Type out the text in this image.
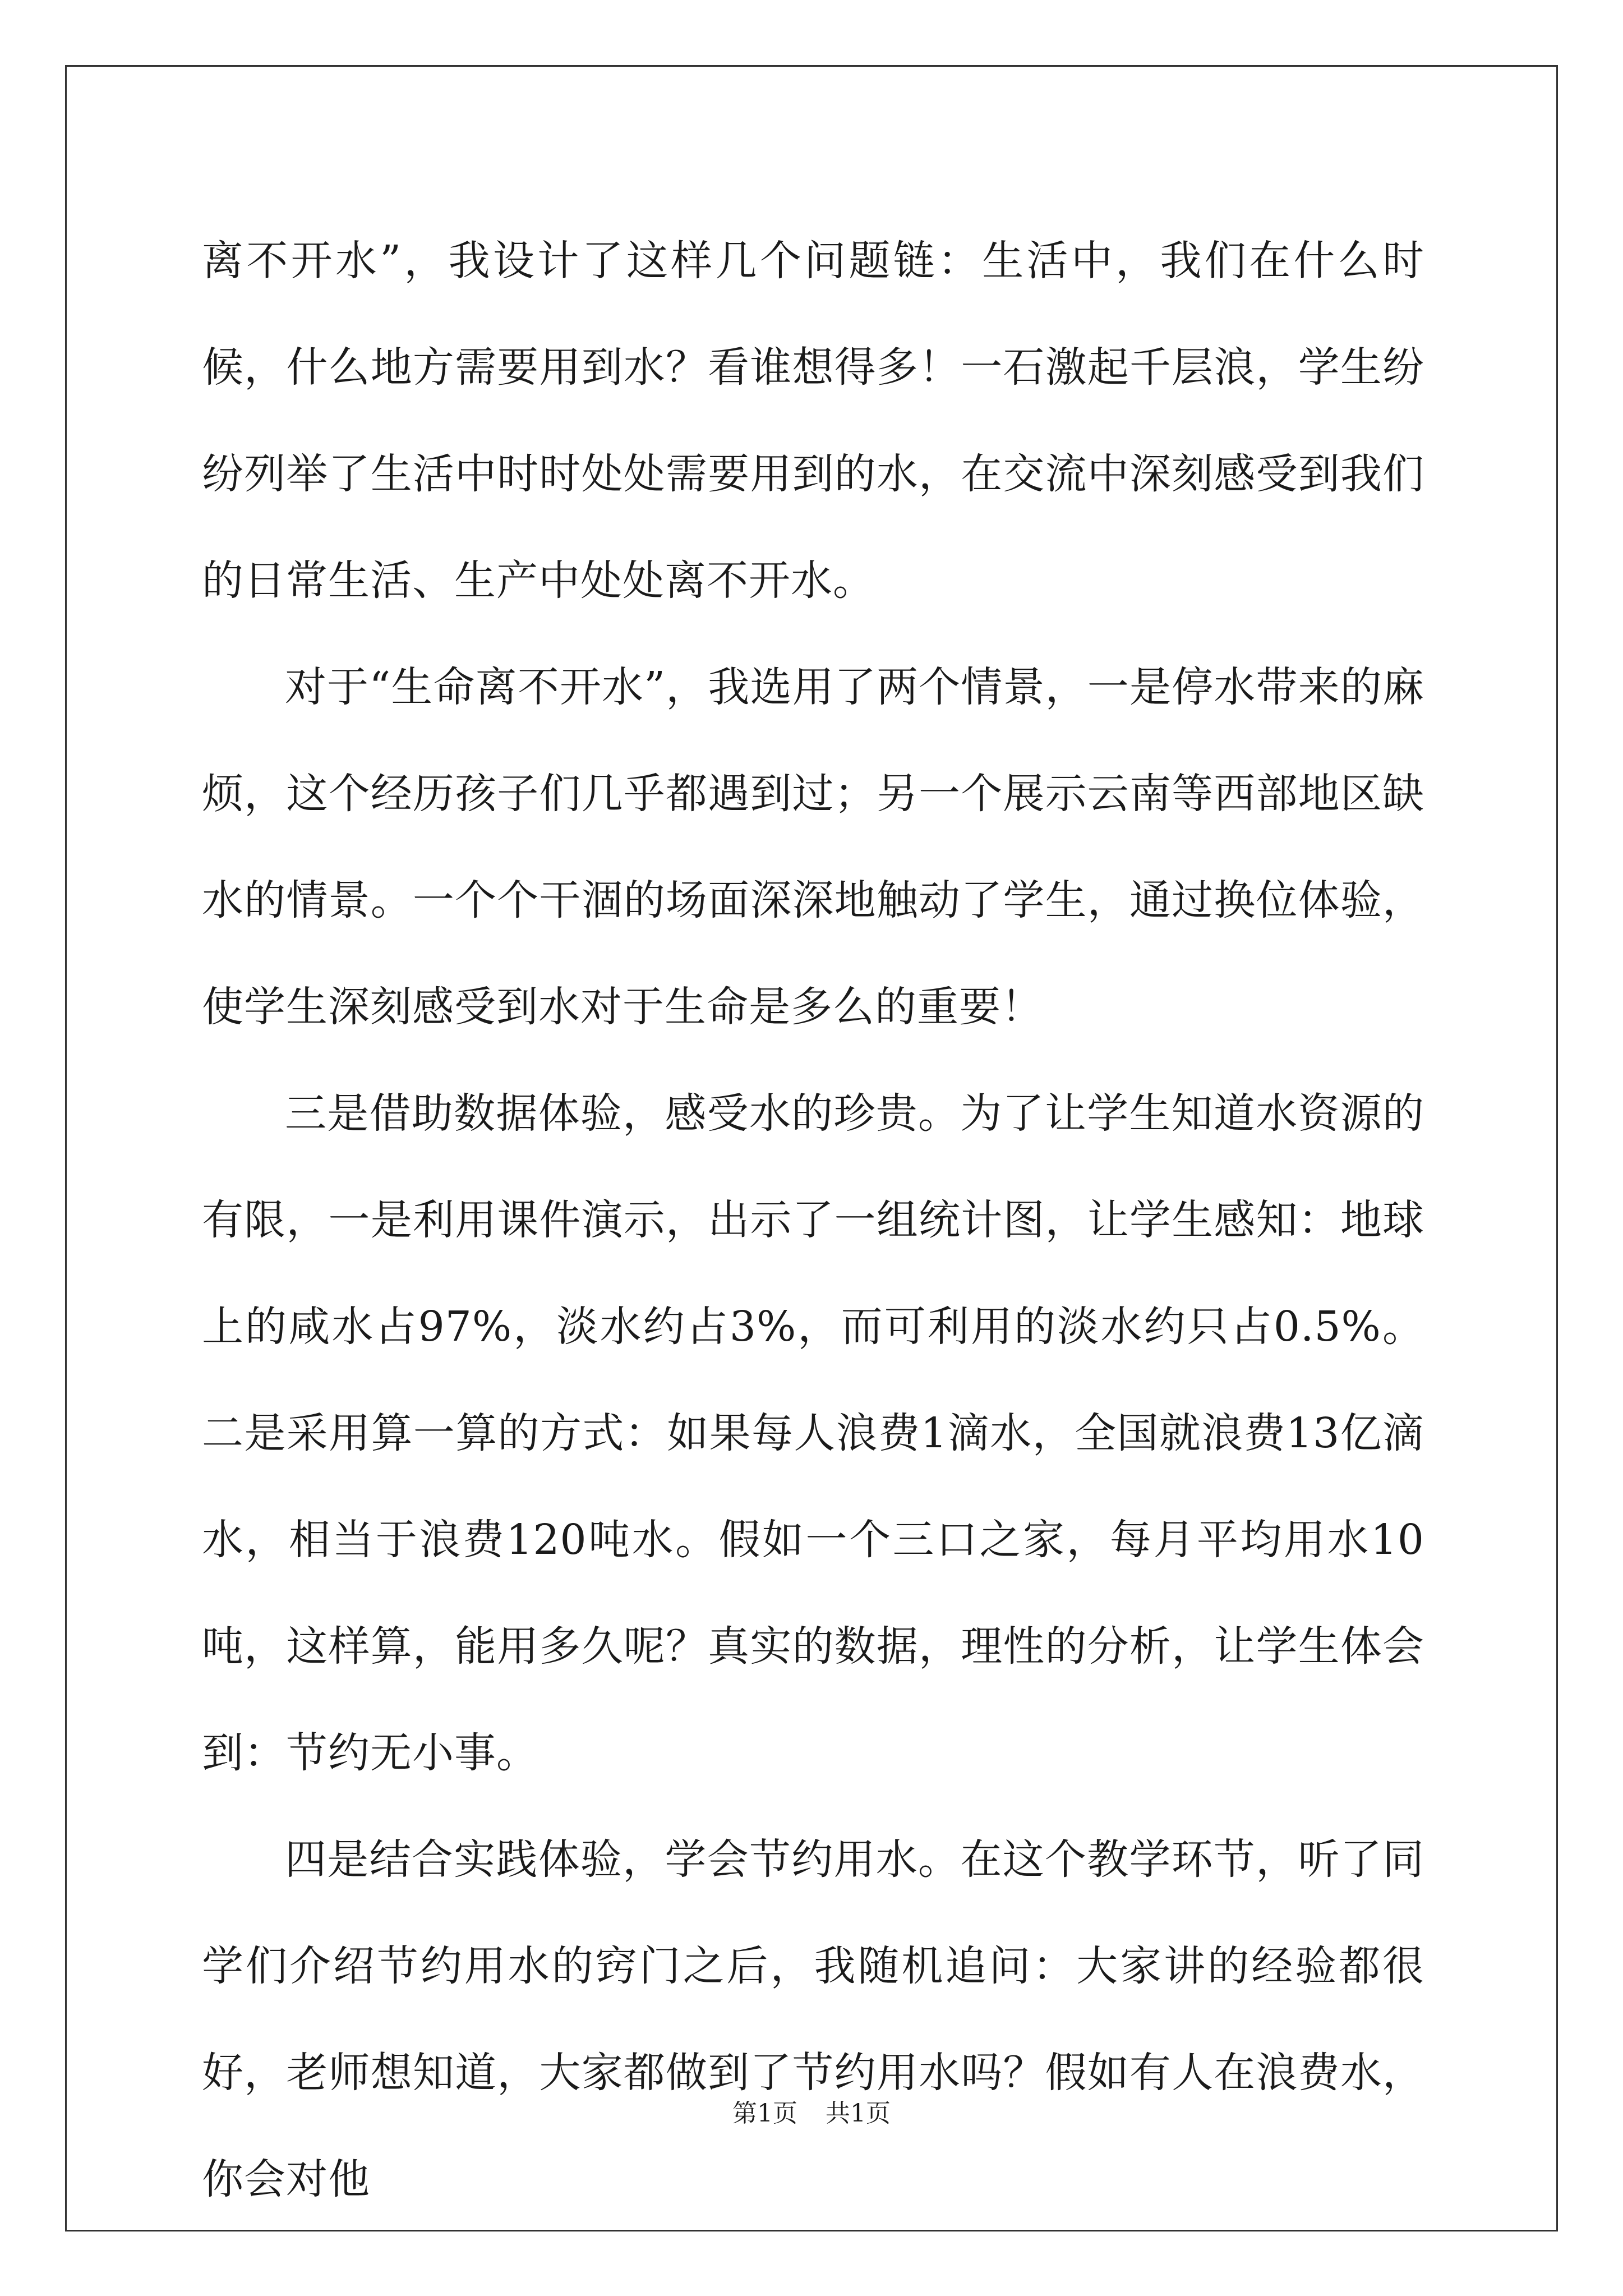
离不开水”，我设计了这样几个问题链：生活中，我们在什么时候，什么地方需要用到水？看谁想得多！一石激起千层浪，学生纷纷列举了生活中时时处处需要用到的水，在交流中深刻感受到我们的日常生活、生产中处处离不开水。

对于“生命离不开水”，我选用了两个情景，一是停水带来的麻烦，这个经历孩子们几乎都遇到过；另一个展示云南等西部地区缺水的情景。一个个干涸的场面深深地触动了学生，通过换位体验，使学生深刻感受到水对于生命是多么的重要！

三是借助数据体验，感受水的珍贵。为了让学生知道水资源的有限，一是利用课件演示，出示了一组统计图，让学生感知：地球上的咸水占97%，淡水约占3%，而可利用的淡水约只占0.5%。二是采用算一算的方式：如果每人浪费1滴水，全国就浪费13亿滴水，相当于浪费120吨水。假如一个三口之家，每月平均用水10吨，这样算，能用多久呢？真实的数据，理性的分析，让学生体会到：节约无小事。

四是结合实践体验，学会节约用水。在这个教学环节，听了同学们介绍节约用水的窍门之后，我随机追问：大家讲的经验都很好，老师想知道，大家都做到了节约用水吗？假如有人在浪费水，你会对他

第1页 共1页
